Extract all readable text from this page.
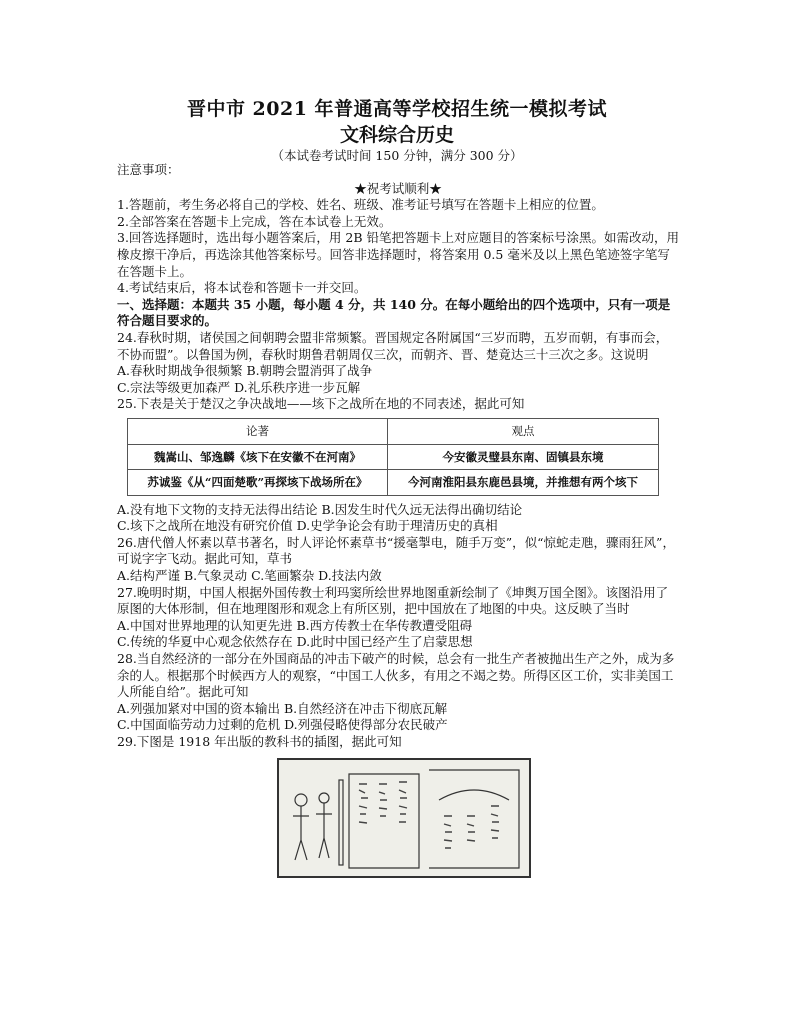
晋中市 2021 年普通高等学校招生统一模拟考试
文科综合历史
（本试卷考试时间 150 分钟，满分 300 分）

注意事项：

★祝考试顺利★

1.答题前，考生务必将自己的学校、姓名、班级、准考证号填写在答题卡上相应的位置。

2.全部答案在答题卡上完成，答在本试卷上无效。

3.回答选择题时，选出每小题答案后，用 2B 铅笔把答题卡上对应题目的答案标号涂黑。如需改动，用橡皮擦干净后，再选涂其他答案标号。回答非选择题时，将答案用 0.5 毫米及以上黑色笔迹签字笔写在答题卡上。

4.考试结束后，将本试卷和答题卡一并交回。

一、选择题：本题共 35 小题，每小题 4 分，共 140 分。在每小题给出的四个选项中，只有一项是符合题目要求的。

24.春秋时期，诸侯国之间朝聘会盟非常频繁。晋国规定各附属国“三岁而聘，五岁而朝，有事而会，不协而盟”。以鲁国为例，春秋时期鲁君朝周仅三次，而朝齐、晋、楚竟达三十三次之多。这说明

A.春秋时期战争很频繁 B.朝聘会盟消弭了战争

C.宗法等级更加森严 D.礼乐秩序进一步瓦解

25.下表是关于楚汉之争决战地——垓下之战所在地的不同表述，据此可知

论著	观点
魏嵩山、邹逸麟《垓下在安徽不在河南》	今安徽灵璧县东南、固镇县东境
苏诚鉴《从“四面楚歌”再探垓下战场所在》	今河南淮阳县东鹿邑县境，并推想有两个垓下

A.没有地下文物的支持无法得出结论 B.因发生时代久远无法得出确切结论

C.垓下之战所在地没有研究价值 D.史学争论会有助于理清历史的真相

26.唐代僧人怀素以草书著名，时人评论怀素草书“援毫掣电，随手万变”，似“惊蛇走虺，骤雨狂风”，可说字字飞动。据此可知，草书

A.结构严谨 B.气象灵动 C.笔画繁杂 D.技法内敛

27.晚明时期，中国人根据外国传教士利玛窦所绘世界地图重新绘制了《坤舆万国全图》。该图沿用了原图的大体形制，但在地理图形和观念上有所区别，把中国放在了地图的中央。这反映了当时

A.中国对世界地理的认知更先进 B.西方传教士在华传教遭受阻碍

C.传统的华夏中心观念依然存在 D.此时中国已经产生了启蒙思想

28.当自然经济的一部分在外国商品的冲击下破产的时候，总会有一批生产者被抛出生产之外，成为多余的人。根据那个时候西方人的观察，“中国工人伙多，有用之不竭之势。所得区区工价，实非美国工人所能自给”。据此可知

A.列强加紧对中国的资本输出 B.自然经济在冲击下彻底瓦解

C.中国面临劳动力过剩的危机 D.列强侵略使得部分农民破产

29.下图是 1918 年出版的教科书的插图，据此可知
